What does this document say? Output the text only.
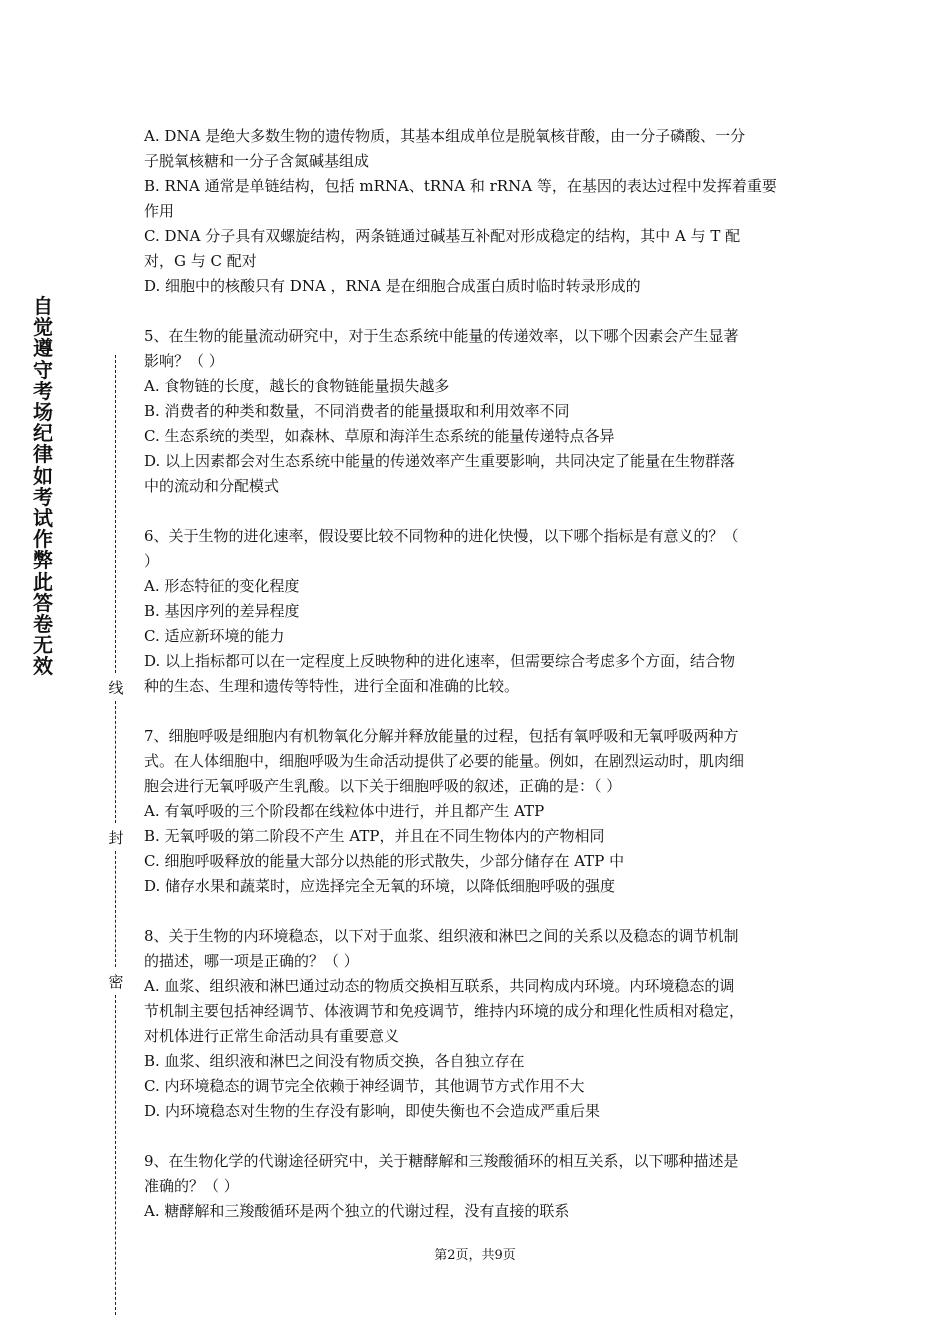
自觉遵守考场纪律如考试作弊此答卷无效
线
封
密
A. DNA 是绝大多数生物的遗传物质，其基本组成单位是脱氧核苷酸，由一分子磷酸、一分
子脱氧核糖和一分子含氮碱基组成
B. RNA 通常是单链结构，包括 mRNA、tRNA 和 rRNA 等，在基因的表达过程中发挥着重要
作用
C. DNA 分子具有双螺旋结构，两条链通过碱基互补配对形成稳定的结构，其中 A 与 T 配
对，G 与 C 配对
D. 细胞中的核酸只有 DNA ，RNA 是在细胞合成蛋白质时临时转录形成的
5、在生物的能量流动研究中，对于生态系统中能量的传递效率，以下哪个因素会产生显著
影响？（ ）
A. 食物链的长度，越长的食物链能量损失越多
B. 消费者的种类和数量，不同消费者的能量摄取和利用效率不同
C. 生态系统的类型，如森林、草原和海洋生态系统的能量传递特点各异
D. 以上因素都会对生态系统中能量的传递效率产生重要影响，共同决定了能量在生物群落
中的流动和分配模式
6、关于生物的进化速率，假设要比较不同物种的进化快慢，以下哪个指标是有意义的？（
）
A. 形态特征的变化程度
B. 基因序列的差异程度
C. 适应新环境的能力
D. 以上指标都可以在一定程度上反映物种的进化速率，但需要综合考虑多个方面，结合物
种的生态、生理和遗传等特性，进行全面和准确的比较。
7、细胞呼吸是细胞内有机物氧化分解并释放能量的过程，包括有氧呼吸和无氧呼吸两种方
式。在人体细胞中，细胞呼吸为生命活动提供了必要的能量。例如，在剧烈运动时，肌肉细
胞会进行无氧呼吸产生乳酸。以下关于细胞呼吸的叙述，正确的是：（ ）
A. 有氧呼吸的三个阶段都在线粒体中进行，并且都产生 ATP
B. 无氧呼吸的第二阶段不产生 ATP，并且在不同生物体内的产物相同
C. 细胞呼吸释放的能量大部分以热能的形式散失，少部分储存在 ATP 中
D. 储存水果和蔬菜时，应选择完全无氧的环境，以降低细胞呼吸的强度
8、关于生物的内环境稳态，以下对于血浆、组织液和淋巴之间的关系以及稳态的调节机制
的描述，哪一项是正确的？（ ）
A. 血浆、组织液和淋巴通过动态的物质交换相互联系，共同构成内环境。内环境稳态的调
节机制主要包括神经调节、体液调节和免疫调节，维持内环境的成分和理化性质相对稳定，
对机体进行正常生命活动具有重要意义
B. 血浆、组织液和淋巴之间没有物质交换，各自独立存在
C. 内环境稳态的调节完全依赖于神经调节，其他调节方式作用不大
D. 内环境稳态对生物的生存没有影响，即使失衡也不会造成严重后果
9、在生物化学的代谢途径研究中，关于糖酵解和三羧酸循环的相互关系，以下哪种描述是
准确的？（ ）
A. 糖酵解和三羧酸循环是两个独立的代谢过程，没有直接的联系
第2页，共9页
